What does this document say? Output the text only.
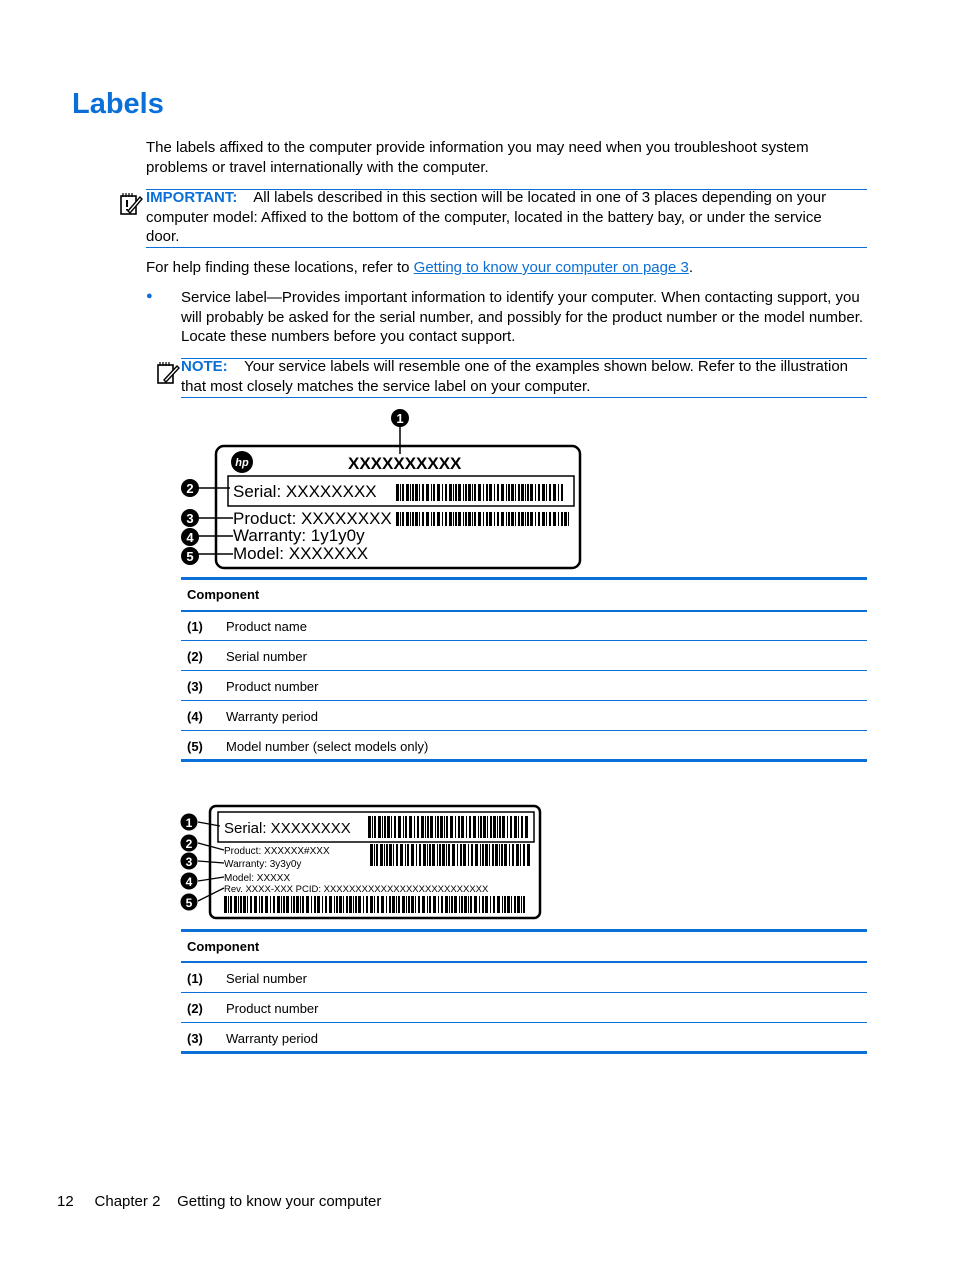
Labels
The labels affixed to the computer provide information you may need when you troubleshoot system problems or travel internationally with the computer.
IMPORTANT: All labels described in this section will be located in one of 3 places depending on your computer model: Affixed to the bottom of the computer, located in the battery bay, or under the service door.
For help finding these locations, refer to Getting to know your computer on page 3.
● Service label—Provides important information to identify your computer. When contacting support, you will probably be asked for the serial number, and possibly for the product number or the model number. Locate these numbers before you contact support.
NOTE: Your service labels will resemble one of the examples shown below. Refer to the illustration that most closely matches the service label on your computer.
hp	XXXXXXXXXX
Serial: XXXXXXXX
Product: XXXXXXXX
Warranty: 1y1y0y
Model: XXXXXXX
1
2
3
4
5
Component
(1) Product name
(2) Serial number
(3) Product number
(4) Warranty period
(5) Model number (select models only)
Serial: XXXXXXXX
Product: XXXXXX#XXX
Warranty: 3y3y0y
Model: XXXXX
Rev. XXXX-XXX PCID: XXXXXXXXXXXXXXXXXXXXXXXXXX
1
2
3
4
5
Component
(1) Serial number
(2) Product number
(3) Warranty period
12 Chapter 2 Getting to know your computer
